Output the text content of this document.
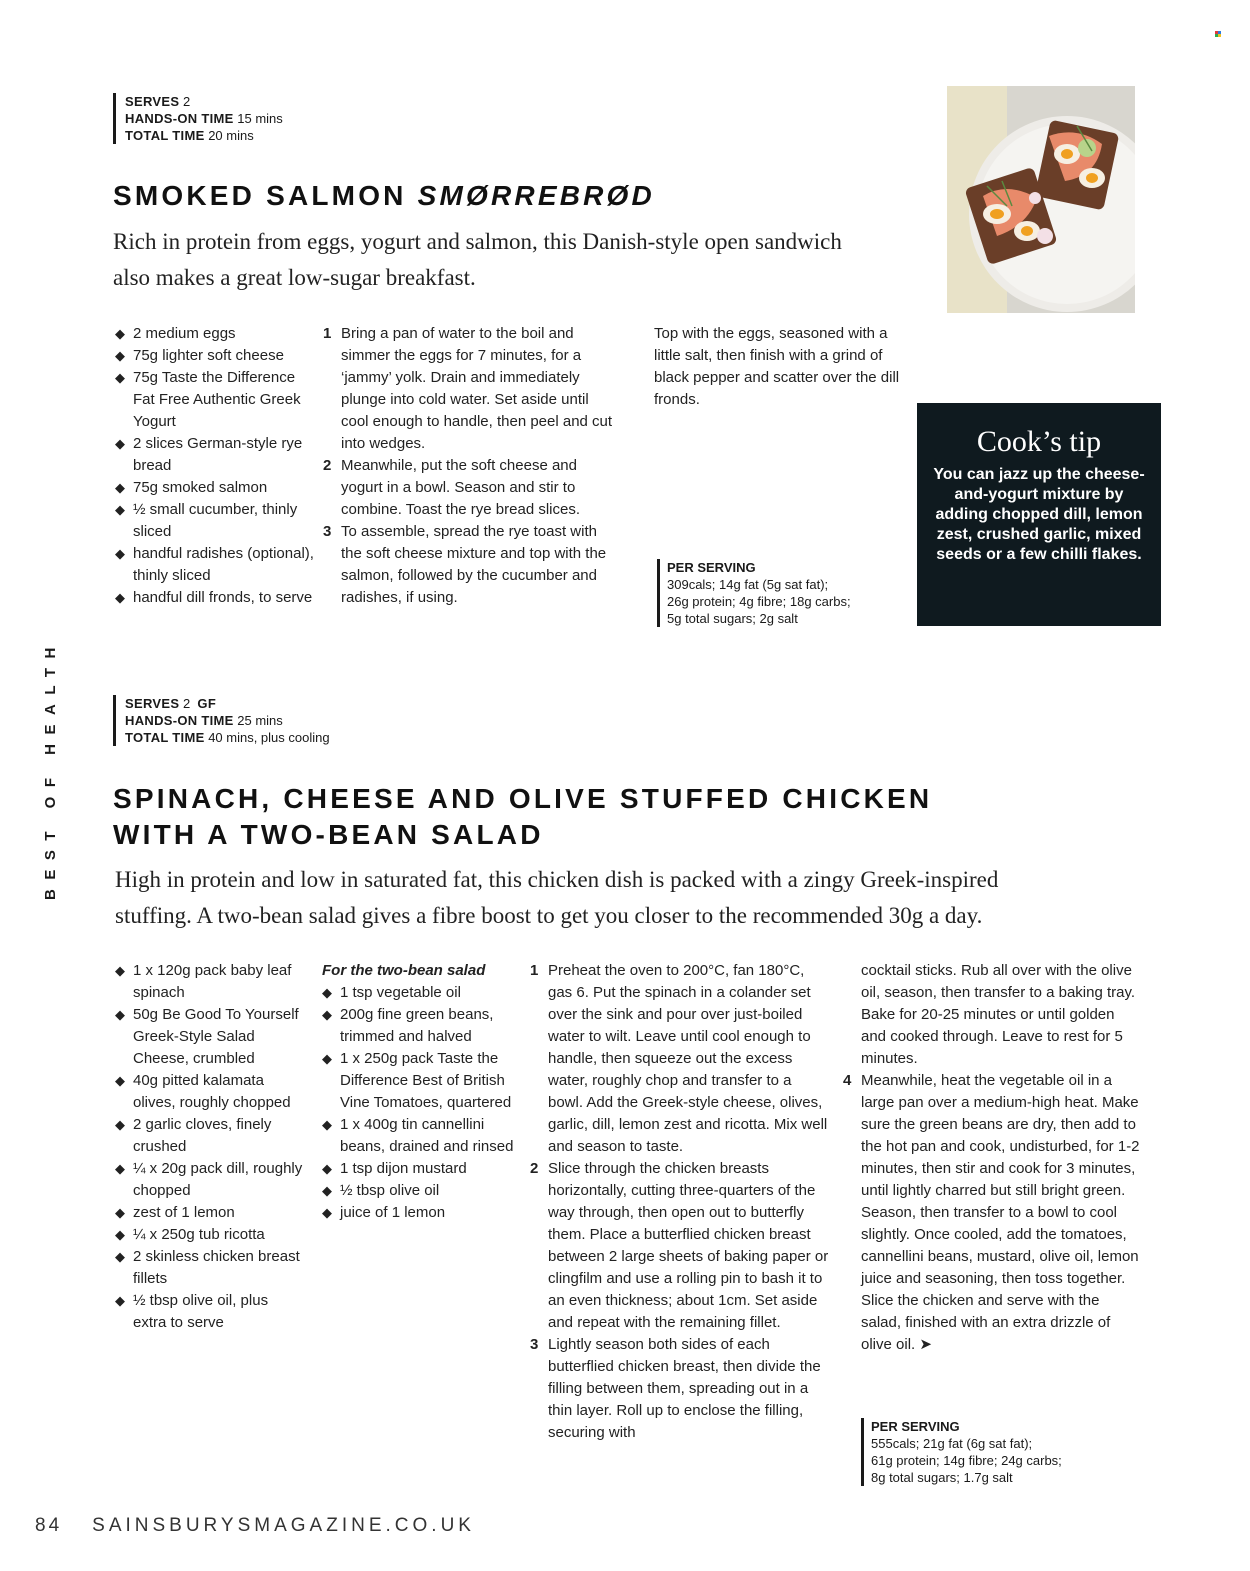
SERVES 2
HANDS-ON TIME 15 mins
TOTAL TIME 20 mins
SMOKED SALMON SMØRREBRØD
Rich in protein from eggs, yogurt and salmon, this Danish-style open sandwich
also makes a great low-sugar breakfast.
◆ 2 medium eggs
◆ 75g lighter soft cheese
◆ 75g Taste the Difference Fat Free Authentic Greek Yogurt
◆ 2 slices German-style rye bread
◆ 75g smoked salmon
◆ ½ small cucumber, thinly sliced
◆ handful radishes (optional), thinly sliced
◆ handful dill fronds, to serve
1 Bring a pan of water to the boil and simmer the eggs for 7 minutes, for a ‘jammy’ yolk. Drain and immediately plunge into cold water. Set aside until cool enough to handle, then peel and cut into wedges.
2 Meanwhile, put the soft cheese and yogurt in a bowl. Season and stir to combine. Toast the rye bread slices.
3 To assemble, spread the rye toast with the soft cheese mixture and top with the salmon, followed by the cucumber and radishes, if using.
Top with the eggs, seasoned with a little salt, then finish with a grind of black pepper and scatter over the dill fronds.
PER SERVING
309cals; 14g fat (5g sat fat);
26g protein; 4g fibre; 18g carbs;
5g total sugars; 2g salt
Cook’s tip
You can jazz up the cheese-and-yogurt mixture by adding chopped dill, lemon zest, crushed garlic, mixed seeds or a few chilli flakes.
BEST OF HEALTH	SERVES 2 GF
HANDS-ON TIME 25 mins
TOTAL TIME 40 mins, plus cooling
SPINACH, CHEESE AND OLIVE STUFFED CHICKEN
WITH A TWO-BEAN SALAD
High in protein and low in saturated fat, this chicken dish is packed with a zingy Greek-inspired
stuffing. A two-bean salad gives a fibre boost to get you closer to the recommended 30g a day.
◆ 1 x 120g pack baby leaf spinach
◆ 50g Be Good To Yourself Greek-Style Salad Cheese, crumbled
◆ 40g pitted kalamata olives, roughly chopped
◆ 2 garlic cloves, finely crushed
◆ ¼ x 20g pack dill, roughly chopped
◆ zest of 1 lemon
◆ ¼ x 250g tub ricotta
◆ 2 skinless chicken breast fillets
◆ ½ tbsp olive oil, plus extra to serve
For the two-bean salad
◆ 1 tsp vegetable oil
◆ 200g fine green beans, trimmed and halved
◆ 1 x 250g pack Taste the Difference Best of British Vine Tomatoes, quartered
◆ 1 x 400g tin cannellini beans, drained and rinsed
◆ 1 tsp dijon mustard
◆ ½ tbsp olive oil
◆ juice of 1 lemon
1 Preheat the oven to 200°C, fan 180°C, gas 6. Put the spinach in a colander set over the sink and pour over just-boiled water to wilt. Leave until cool enough to handle, then squeeze out the excess water, roughly chop and transfer to a bowl. Add the Greek-style cheese, olives, garlic, dill, lemon zest and ricotta. Mix well and season to taste.
2 Slice through the chicken breasts horizontally, cutting three-quarters of the way through, then open out to butterfly them. Place a butterflied chicken breast between 2 large sheets of baking paper or clingfilm and use a rolling pin to bash it to an even thickness; about 1cm. Set aside and repeat with the remaining fillet.
3 Lightly season both sides of each butterflied chicken breast, then divide the filling between them, spreading out in a thin layer. Roll up to enclose the filling, securing with
cocktail sticks. Rub all over with the olive oil, season, then transfer to a baking tray. Bake for 20-25 minutes or until golden and cooked through. Leave to rest for 5 minutes.
4 Meanwhile, heat the vegetable oil in a large pan over a medium-high heat. Make sure the green beans are dry, then add to the hot pan and cook, undisturbed, for 1-2 minutes, then stir and cook for 3 minutes, until lightly charred but still bright green. Season, then transfer to a bowl to cool slightly. Once cooled, add the tomatoes, cannellini beans, mustard, olive oil, lemon juice and seasoning, then toss together. Slice the chicken and serve with the salad, finished with an extra drizzle of olive oil. ➤
PER SERVING
555cals; 21g fat (6g sat fat);
61g protein; 14g fibre; 24g carbs;
8g total sugars; 1.7g salt
84 SAINSBURYSMAGAZINE.CO.UK
